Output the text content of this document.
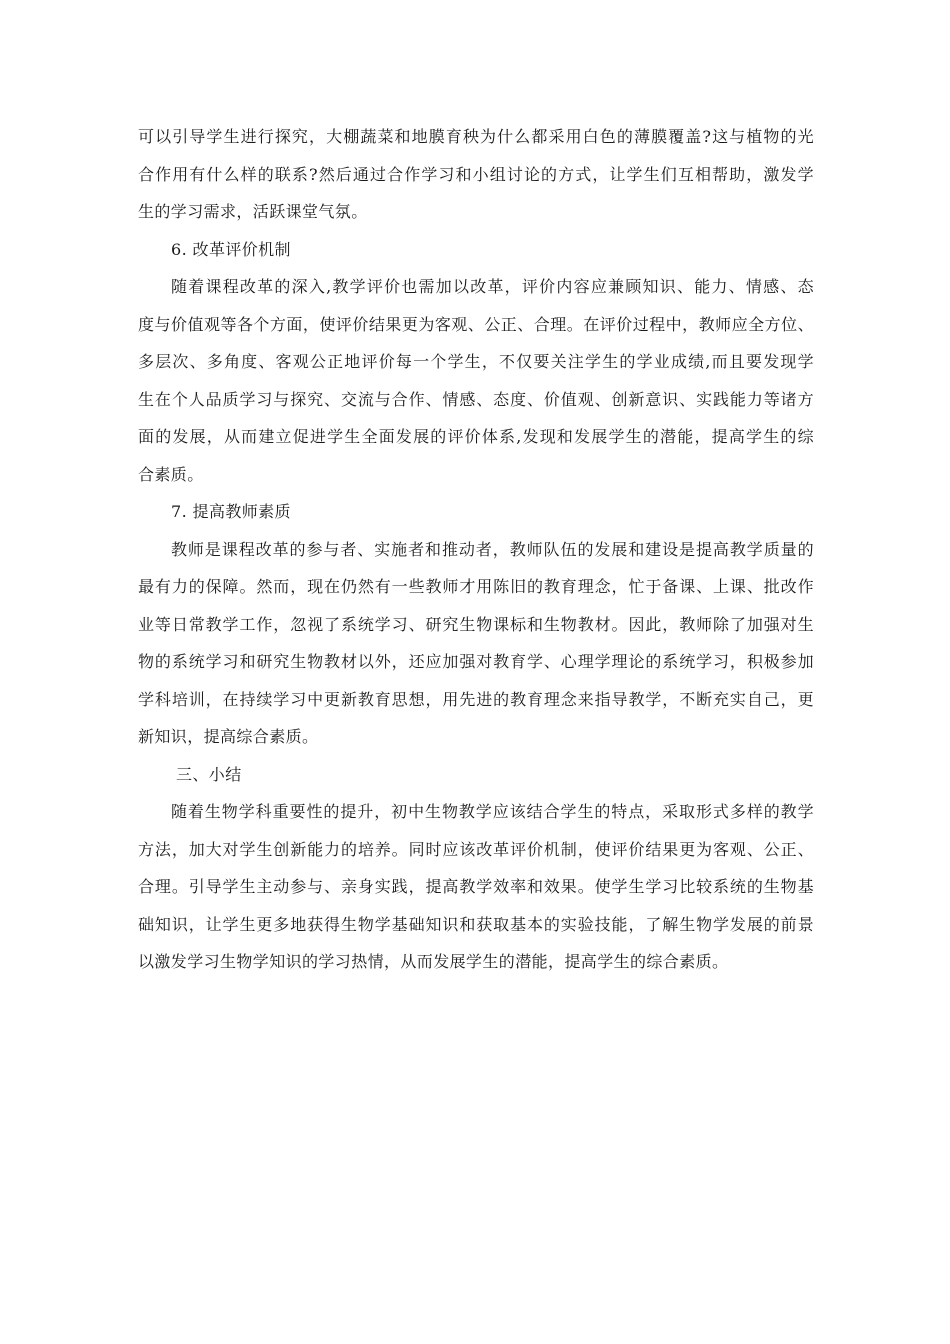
可以引导学生进行探究，大棚蔬菜和地膜育秧为什么都采用白色的薄膜覆盖?这与植物的光
合作用有什么样的联系?然后通过合作学习和小组讨论的方式，让学生们互相帮助，激发学
生的学习需求，活跃课堂气氛。
6. 改革评价机制
随着课程改革的深入,教学评价也需加以改革，评价内容应兼顾知识、能力、情感、态
度与价值观等各个方面，使评价结果更为客观、公正、合理。在评价过程中，教师应全方位、
多层次、多角度、客观公正地评价每一个学生，不仅要关注学生的学业成绩,而且要发现学
生在个人品质学习与探究、交流与合作、情感、态度、价值观、创新意识、实践能力等诸方
面的发展，从而建立促进学生全面发展的评价体系,发现和发展学生的潜能，提高学生的综
合素质。
7. 提高教师素质
教师是课程改革的参与者、实施者和推动者，教师队伍的发展和建设是提高教学质量的
最有力的保障。然而，现在仍然有一些教师才用陈旧的教育理念，忙于备课、上课、批改作
业等日常教学工作，忽视了系统学习、研究生物课标和生物教材。因此，教师除了加强对生
物的系统学习和研究生物教材以外，还应加强对教育学、心理学理论的系统学习，积极参加
学科培训，在持续学习中更新教育思想，用先进的教育理念来指导教学，不断充实自己，更
新知识，提高综合素质。
三、小结
随着生物学科重要性的提升，初中生物教学应该结合学生的特点，采取形式多样的教学
方法，加大对学生创新能力的培养。同时应该改革评价机制，使评价结果更为客观、公正、
合理。引导学生主动参与、亲身实践，提高教学效率和效果。使学生学习比较系统的生物基
础知识，让学生更多地获得生物学基础知识和获取基本的实验技能，了解生物学发展的前景
以激发学习生物学知识的学习热情，从而发展学生的潜能，提高学生的综合素质。
